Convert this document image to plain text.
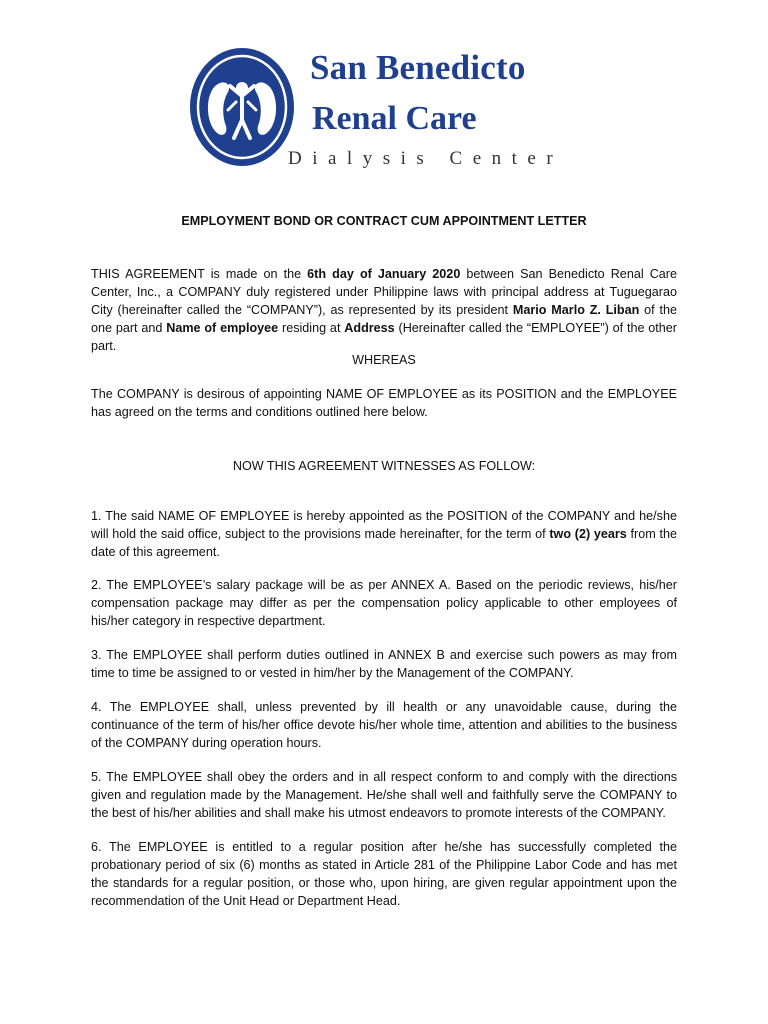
San Benedicto
Renal Care
Dialysis Center
EMPLOYMENT BOND OR CONTRACT CUM APPOINTMENT LETTER
THIS AGREEMENT is made on the 6th day of January 2020 between San Benedicto Renal Care Center, Inc., a COMPANY duly registered under Philippine laws with principal address at Tuguegarao City (hereinafter called the “COMPANY”), as represented by its president Mario Marlo Z. Liban of the one part and Name of employee residing at Address (Hereinafter called the “EMPLOYEE”) of the other part.
WHEREAS
The COMPANY is desirous of appointing NAME OF EMPLOYEE as its POSITION and the EMPLOYEE has agreed on the terms and conditions outlined here below.
NOW THIS AGREEMENT WITNESSES AS FOLLOW:
1. The said NAME OF EMPLOYEE is hereby appointed as the POSITION of the COMPANY and he/she will hold the said office, subject to the provisions made hereinafter, for the term of two (2) years from the date of this agreement.
2. The EMPLOYEE’s salary package will be as per ANNEX A. Based on the periodic reviews, his/her compensation package may differ as per the compensation policy applicable to other employees of his/her category in respective department.
3. The EMPLOYEE shall perform duties outlined in ANNEX B and exercise such powers as may from time to time be assigned to or vested in him/her by the Management of the COMPANY.
4. The EMPLOYEE shall, unless prevented by ill health or any unavoidable cause, during the continuance of the term of his/her office devote his/her whole time, attention and abilities to the business of the COMPANY during operation hours.
5. The EMPLOYEE shall obey the orders and in all respect conform to and comply with the directions given and regulation made by the Management. He/she shall well and faithfully serve the COMPANY to the best of his/her abilities and shall make his utmost endeavors to promote interests of the COMPANY.
6. The EMPLOYEE is entitled to a regular position after he/she has successfully completed the probationary period of six (6) months as stated in Article 281 of the Philippine Labor Code and has met the standards for a regular position, or those who, upon hiring, are given regular appointment upon the recommendation of the Unit Head or Department Head.
